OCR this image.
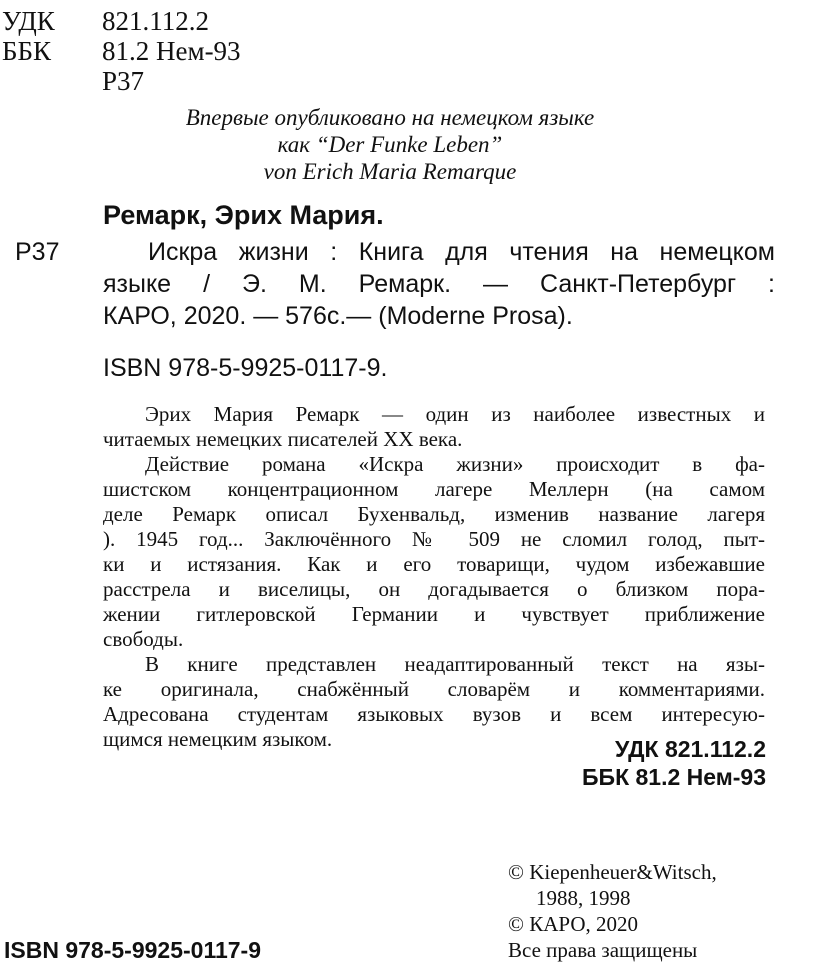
УДК 821.112.2
ББК 81.2 Нем-93
Р37
Впервые опубликовано на немецком языке
как “Der Funke Leben”
von Erich Maria Remarque
Ремарк, Эрих Мария.
Р37	Искра жизни : Книга для чтения на немецком
языке / Э. М. Ремарк. — Санкт-Петербург :
КАРО, 2020. — 576с.— (Moderne Prosa).
ISBN 978-5-9925-0117-9.
Эрих Мария Ремарк — один из наиболее известных и
читаемых немецких писателей XX века.
Действие романа «Искра жизни» происходит в фа-
шистском концентрационном лагере Меллерн (на самом
деле Ремарк описал Бухенвальд, изменив название лагеря
). 1945 год... Заключённого № 509 не сломил голод, пыт-
ки и истязания. Как и его товарищи, чудом избежавшие
расстрела и виселицы, он догадывается о близком пора-
жении гитлеровской Германии и чувствует приближение
свободы.
В книге представлен неадаптированный текст на язы-
ке оригинала, снабжённый словарём и комментариями.
Адресована студентам языковых вузов и всем интересую-
щимся немецким языком.	УДК 821.112.2
ББК 81.2 Нем-93
© Kiepenheuer&Witsch,
1988, 1998
© КАРО, 2020
Все права защищены
ISBN 978-5-9925-0117-9
